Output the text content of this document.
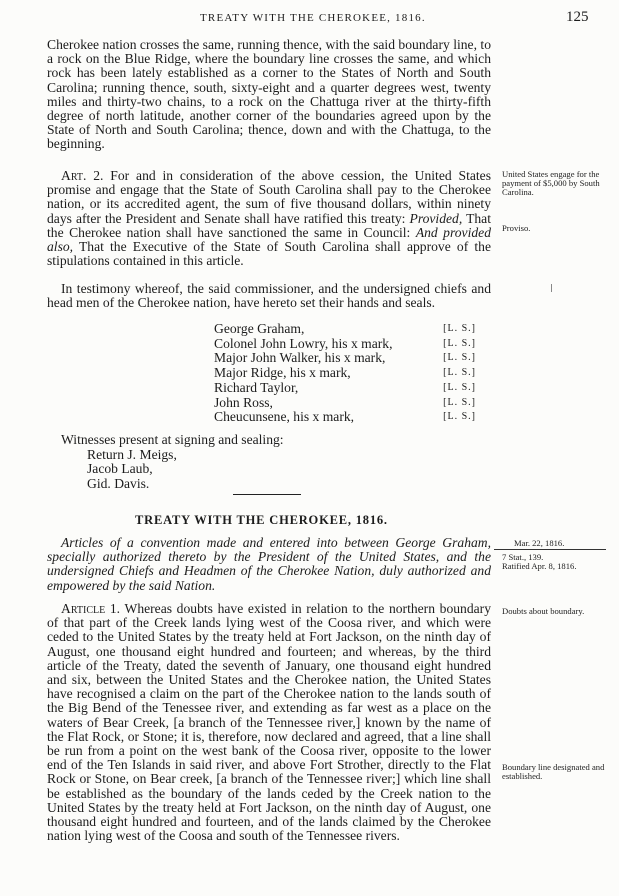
TREATY WITH THE CHEROKEE, 1816.	125

Cherokee nation crosses the same, running thence, with the said boundary line, to a rock on the Blue Ridge, where the boundary line crosses the same, and which rock has been lately established as a corner to the States of North and South Carolina; running thence, south, sixty-eight and a quarter degrees west, twenty miles and thirty-two chains, to a rock on the Chattuga river at the thirty-fifth degree of north latitude, another corner of the boundaries agreed upon by the State of North and South Carolina; thence, down and with the Chattuga, to the beginning.

Art. 2. For and in consideration of the above cession, the United States promise and engage that the State of South Carolina shall pay to the Cherokee nation, or its accredited agent, the sum of five thousand dollars, within ninety days after the President and Senate shall have ratified this treaty: Provided, That the Cherokee nation shall have sanctioned the same in Council: And provided also, That the Executive of the State of South Carolina shall approve of the stipulations contained in this article.

In testimony whereof, the said commissioner, and the undersigned chiefs and head men of the Cherokee nation, have hereto set their hands and seals.

George Graham,	[L. S.]
Colonel John Lowry, his x mark,	[L. S.]
Major John Walker, his x mark,	[L. S.]
Major Ridge, his x mark,	[L. S.]
Richard Taylor,	[L. S.]
John Ross,	[L. S.]
Cheucunsene, his x mark,	[L. S.]
Witnesses present at signing and sealing:
Return J. Meigs,
Jacob Laub,
Gid. Davis.
TREATY WITH THE CHEROKEE, 1816.

Articles of a convention made and entered into between George Graham, specially authorized thereto by the President of the United States, and the undersigned Chiefs and Headmen of the Cherokee Nation, duly authorized and empowered by the said Nation.

Article 1. Whereas doubts have existed in relation to the northern boundary of that part of the Creek lands lying west of the Coosa river, and which were ceded to the United States by the treaty held at Fort Jackson, on the ninth day of August, one thousand eight hundred and fourteen; and whereas, by the third article of the Treaty, dated the seventh of January, one thousand eight hundred and six, between the United States and the Cherokee nation, the United States have recognised a claim on the part of the Cherokee nation to the lands south of the Big Bend of the Tenessee river, and extending as far west as a place on the waters of Bear Creek, [a branch of the Tennessee river,] known by the name of the Flat Rock, or Stone; it is, therefore, now declared and agreed, that a line shall be run from a point on the west bank of the Coosa river, opposite to the lower end of the Ten Islands in said river, and above Fort Strother, directly to the Flat Rock or Stone, on Bear creek, [a branch of the Tennessee river;] which line shall be established as the boundary of the lands ceded by the Creek nation to the United States by the treaty held at Fort Jackson, on the ninth day of August, one thousand eight hundred and fourteen, and of the lands claimed by the Cherokee nation lying west of the Coosa and south of the Tennessee rivers.

United States engage for the payment of $5,000 by South Carolina.
Proviso.
Mar. 22, 1816.
7 Stat., 139.
Ratified Apr. 8, 1816.
Doubts about boundary.
Boundary line designated and established.
